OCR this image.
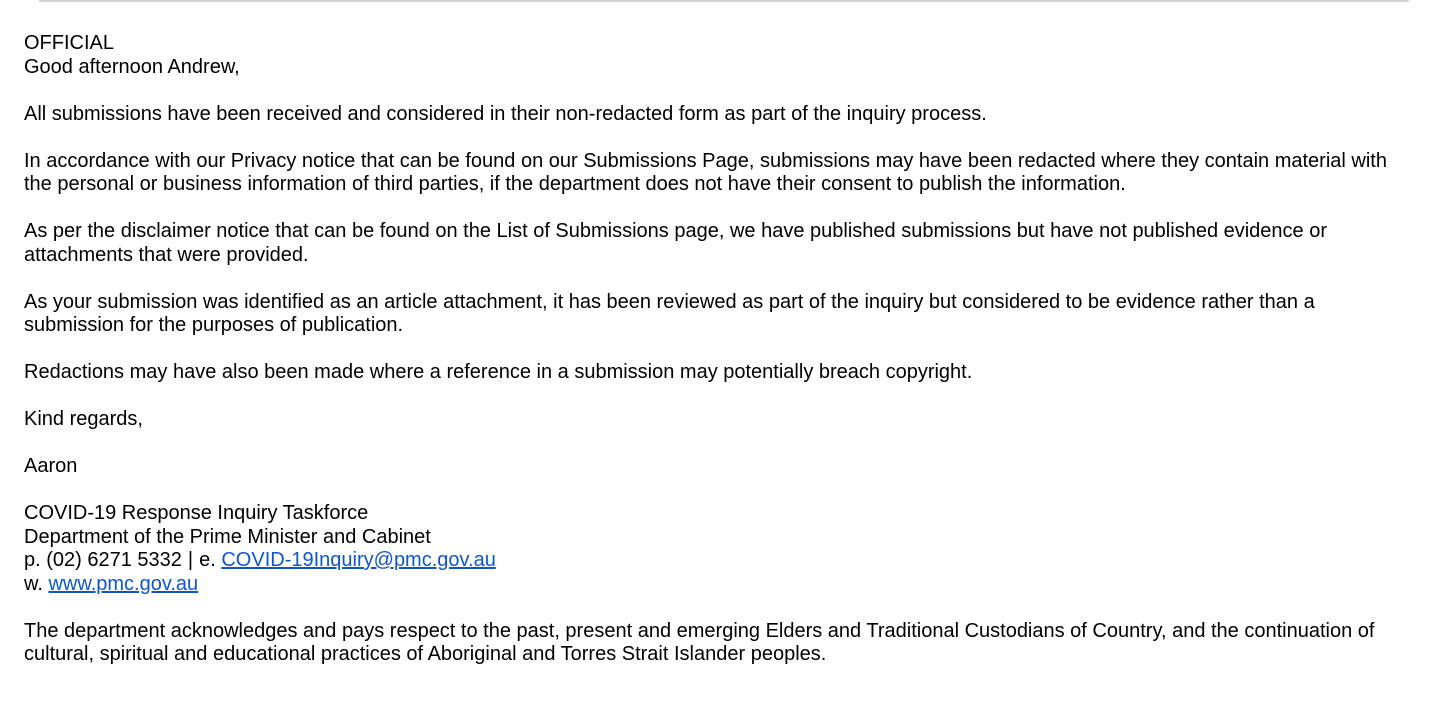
OFFICIAL
Good afternoon Andrew,
All submissions have been received and considered in their non-redacted form as part of the inquiry process.
In accordance with our Privacy notice that can be found on our Submissions Page, submissions may have been redacted where they contain material with
the personal or business information of third parties, if the department does not have their consent to publish the information.
As per the disclaimer notice that can be found on the List of Submissions page, we have published submissions but have not published evidence or
attachments that were provided.
As your submission was identified as an article attachment, it has been reviewed as part of the inquiry but considered to be evidence rather than a
submission for the purposes of publication.
Redactions may have also been made where a reference in a submission may potentially breach copyright.
Kind regards,
Aaron
COVID-19 Response Inquiry Taskforce
Department of the Prime Minister and Cabinet
p. (02) 6271 5332 | e. COVID-19Inquiry@pmc.gov.au
w. www.pmc.gov.au
The department acknowledges and pays respect to the past, present and emerging Elders and Traditional Custodians of Country, and the continuation of
cultural, spiritual and educational practices of Aboriginal and Torres Strait Islander peoples.
